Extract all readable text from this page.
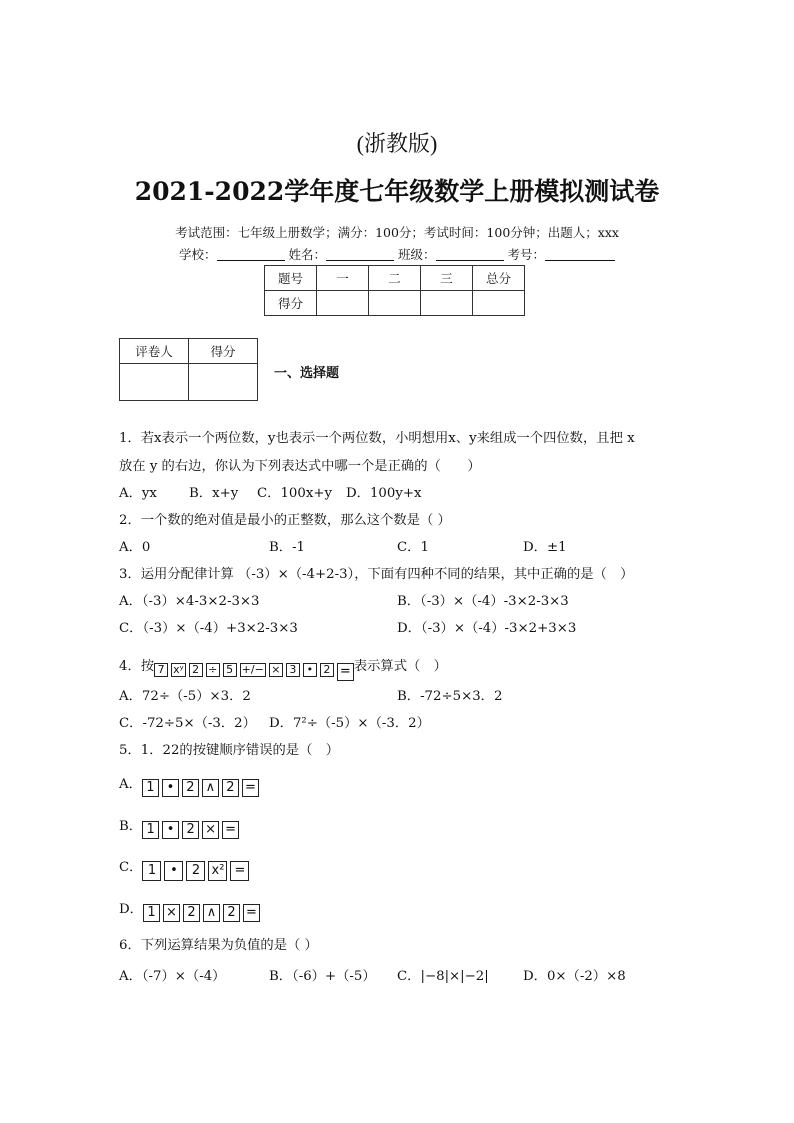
(浙教版)
2021-2022学年度七年级数学上册模拟测试卷
考试范围：七年级上册数学；满分：100分；考试时间：100分钟；出题人；xxx
学校：	姓名：	班级：	考号：
题号	一	二	三	总分
得分				
评卷人	得分

一、选择题
1．若x表示一个两位数，y也表示一个两位数，小明想用x、y来组成一个四位数，且把 x
放在 y 的右边，你认为下列表达式中哪一个是正确的（　　）
A．yx B．x+y C．100x+y D．100y+x
2．一个数的绝对值是最小的正整数，那么这个数是（ ）
A．0	B．-1	C．1	D．±1
3．运用分配律计算 （-3）×（-4+2-3），下面有四种不同的结果，其中正确的是（　）
A．（-3）×4-3×2-3×3	B．（-3）×（-4）-3×2-3×3
C．（-3）×（-4）+3×2-3×3	D．（-3）×（-4）-3×2+3×3
4．按 7 xʸ 2 ÷ 5 +/− × 3 • 2 = 表示算式（　）
A．72÷（-5）×3．2	B．-72÷5×3．2
C．-72÷5×（-3．2） D．7²÷（-5）×（-3．2）
5．1．22的按键顺序错误的是（　）
A． 1 • 2 ∧ 2 =
B． 1 • 2 × =
C． 1	•	2 x² =
D． 1 × 2 ∧ 2 =
6．下列运算结果为负值的是（ ）
A．（-7）×（-4）	B．（-6）+（-5） C．|−8|×|−2|	D．0×（-2）×8
